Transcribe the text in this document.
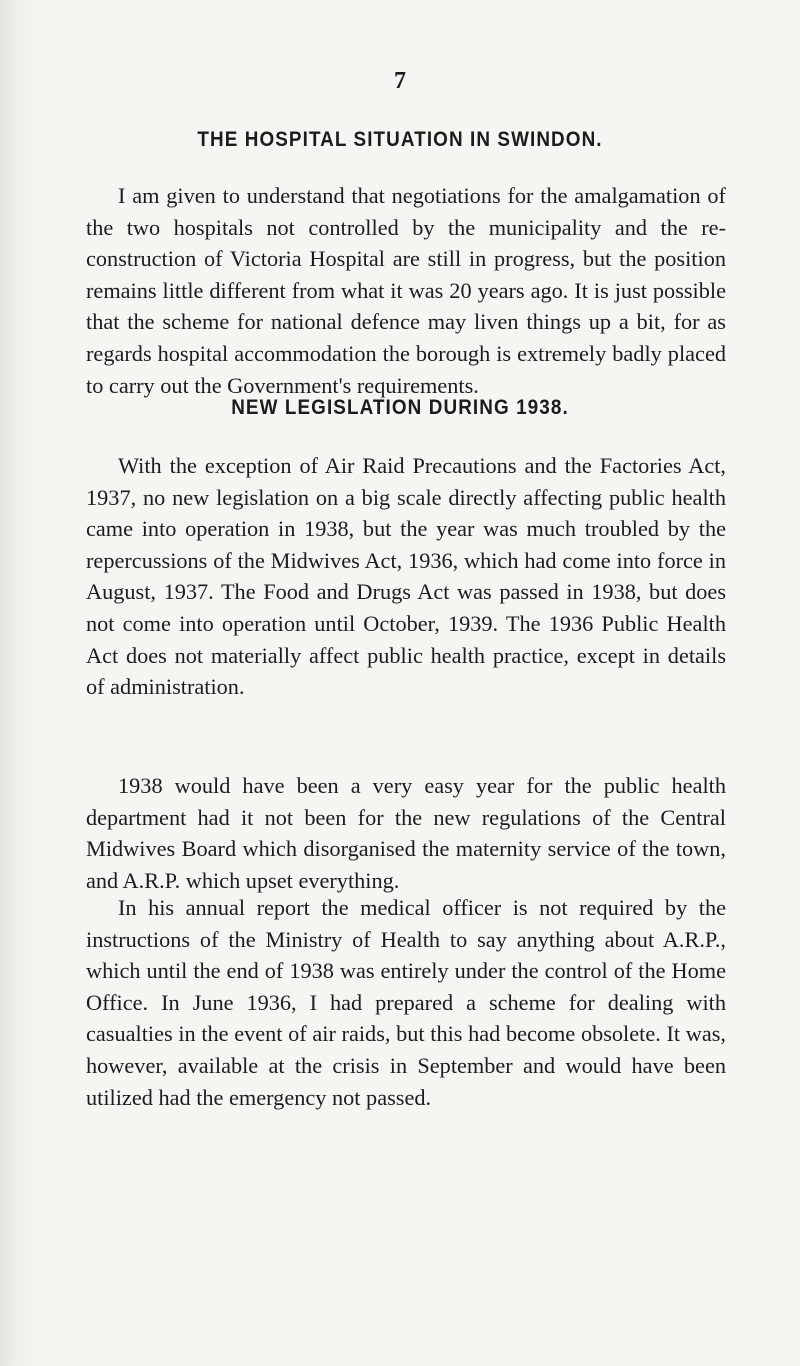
7
THE HOSPITAL SITUATION IN SWINDON.

I am given to understand that negotiations for the amalgamation of the two hospitals not controlled by the municipality and the re-construction of Victoria Hospital are still in progress, but the position remains little different from what it was 20 years ago. It is just possible that the scheme for national defence may liven things up a bit, for as regards hospital accommodation the borough is extremely badly placed to carry out the Government's requirements.

NEW LEGISLATION DURING 1938.

With the exception of Air Raid Precautions and the Factories Act, 1937, no new legislation on a big scale directly affecting public health came into operation in 1938, but the year was much troubled by the repercussions of the Midwives Act, 1936, which had come into force in August, 1937. The Food and Drugs Act was passed in 1938, but does not come into operation until October, 1939. The 1936 Public Health Act does not materially affect public health practice, except in details of administration.

1938 would have been a very easy year for the public health department had it not been for the new regulations of the Central Midwives Board which disorganised the maternity service of the town, and A.R.P. which upset everything.

In his annual report the medical officer is not required by the instructions of the Ministry of Health to say anything about A.R.P., which until the end of 1938 was entirely under the control of the Home Office. In June 1936, I had prepared a scheme for dealing with casualties in the event of air raids, but this had become obsolete. It was, however, available at the crisis in September and would have been utilized had the emergency not passed.
